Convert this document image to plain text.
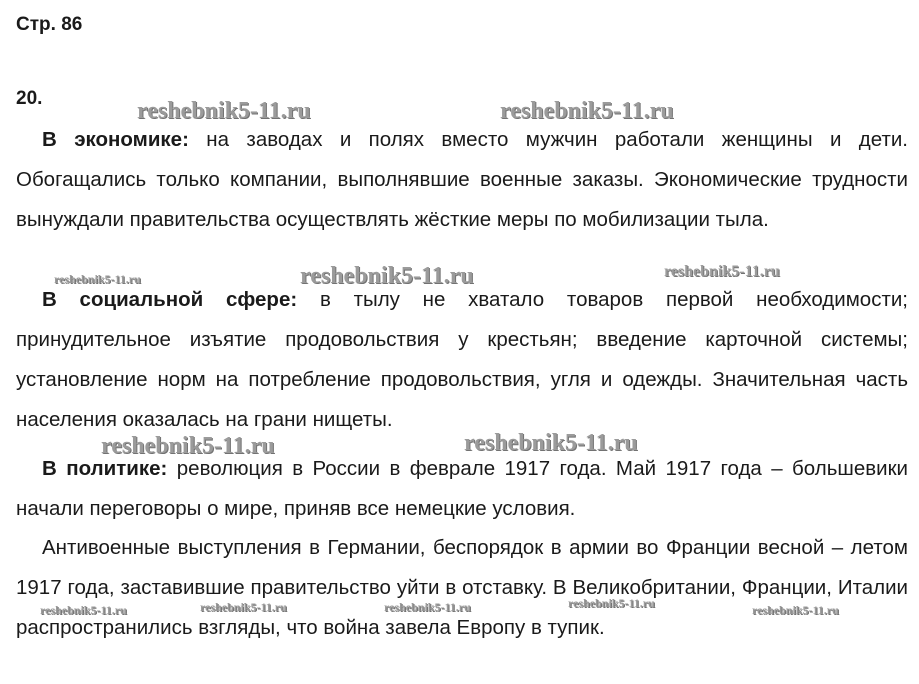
Стр. 86
20.
В экономике: на заводах и полях вместо мужчин работали женщины и дети. Обогащались только компании, выполнявшие военные заказы. Экономические трудности вынуждали правительства осуществлять жёсткие меры по мобилизации тыла.
В социальной сфере: в тылу не хватало товаров первой необходимости; принудительное изъятие продовольствия у крестьян; введение карточной системы; установление норм на потребление продовольствия, угля и одежды. Значительная часть населения оказалась на грани нищеты.
В политике: революция в России в феврале 1917 года. Май 1917 года – большевики начали переговоры о мире, приняв все немецкие условия.
Антивоенные выступления в Германии, беспорядок в армии во Франции весной – летом 1917 года, заставившие правительство уйти в отставку. В Великобритании, Франции, Италии распространились взгляды, что война завела Европу в тупик.
reshebnik5-11.ru	reshebnik5-11.ru
reshebnik5-11.ru	reshebnik5-11.ru	reshebnik5-11.ru
reshebnik5-11.ru	reshebnik5-11.ru
reshebnik5-11.ru	reshebnik5-11.ru	reshebnik5-11.ru	reshebnik5-11.ru	reshebnik5-11.ru
